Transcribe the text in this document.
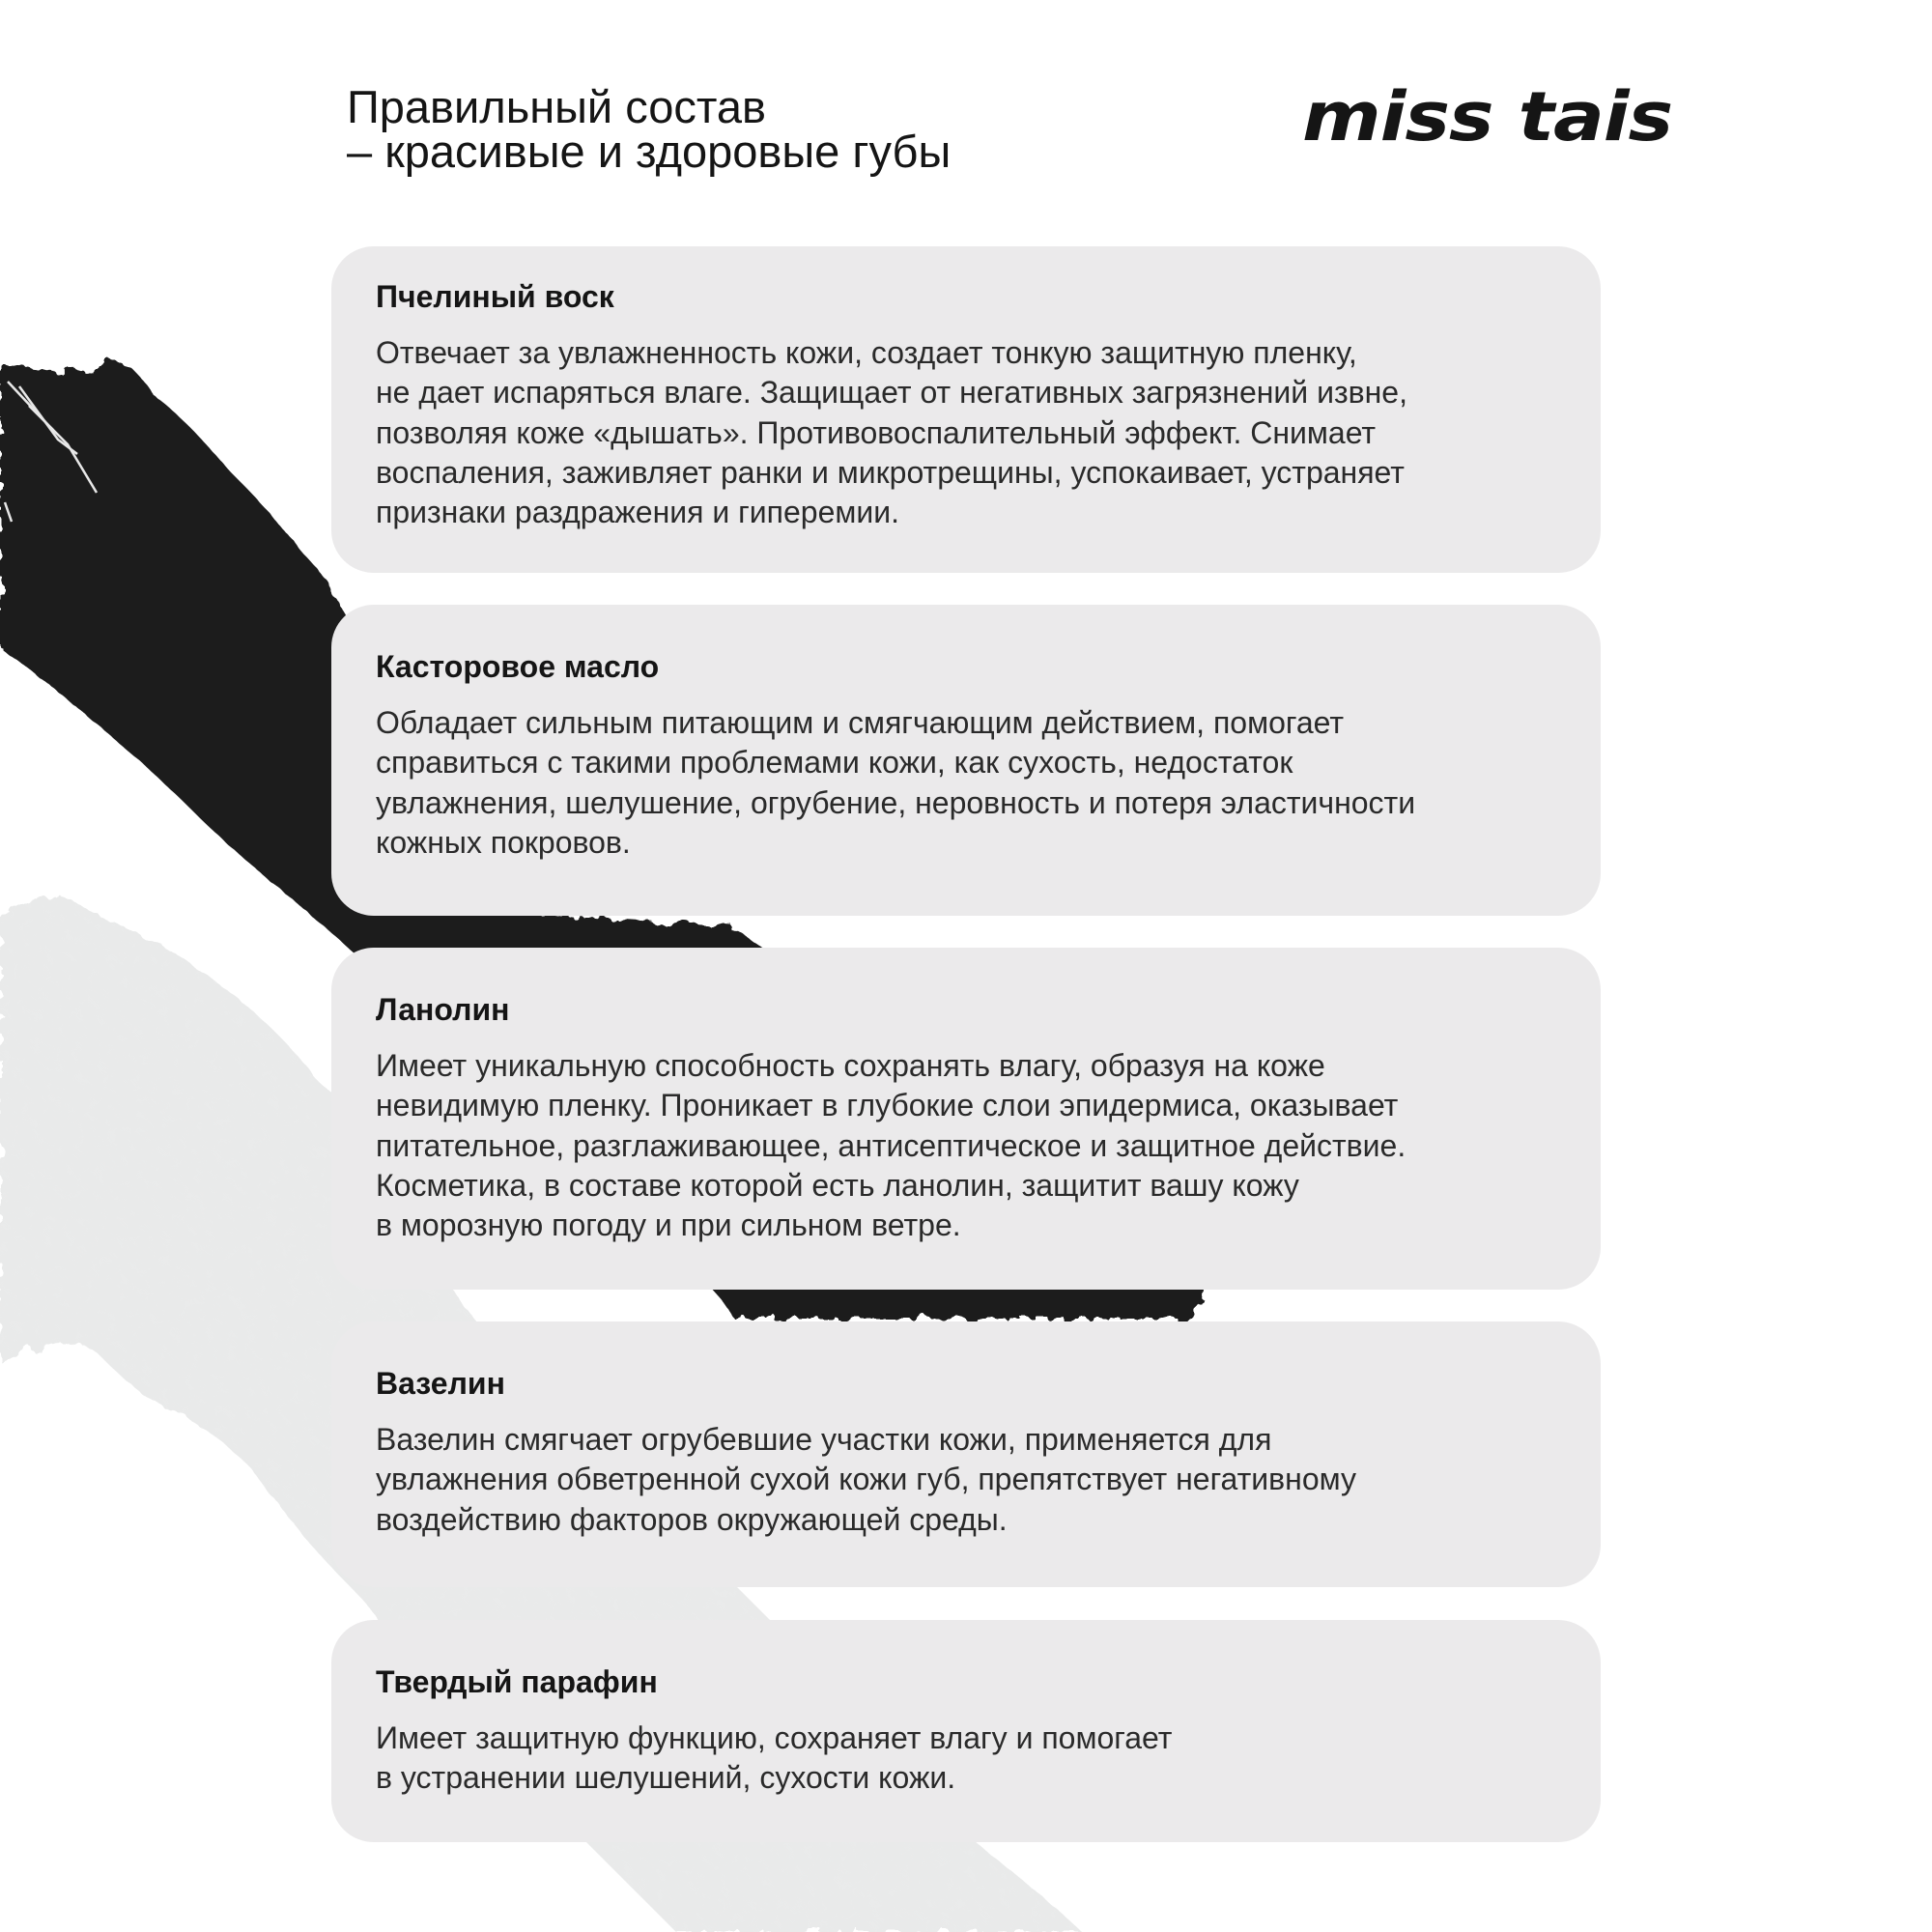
Правильный состав
– красивые и здоровые губы	miss tais
Пчелиный воск

Отвечает за увлажненность кожи, создает тонкую защитную пленку,
не дает испаряться влаге. Защищает от негативных загрязнений извне,
позволяя коже «дышать». Противовоспалительный эффект. Снимает
воспаления, заживляет ранки и микротрещины, успокаивает, устраняет
признаки раздражения и гиперемии.

Касторовое масло

Обладает сильным питающим и смягчающим действием, помогает
справиться с такими проблемами кожи, как сухость, недостаток
увлажнения, шелушение, огрубение, неровность и потеря эластичности
кожных покровов.

Ланолин

Имеет уникальную способность сохранять влагу, образуя на коже
невидимую пленку. Проникает в глубокие слои эпидермиса, оказывает
питательное, разглаживающее, антисептическое и защитное действие.
Косметика, в составе которой есть ланолин, защитит вашу кожу
в морозную погоду и при сильном ветре.

Вазелин

Вазелин смягчает огрубевшие участки кожи, применяется для
увлажнения обветренной сухой кожи губ, препятствует негативному
воздействию факторов окружающей среды.

Твердый парафин

Имеет защитную функцию, сохраняет влагу и помогает
в устранении шелушений, сухости кожи.
